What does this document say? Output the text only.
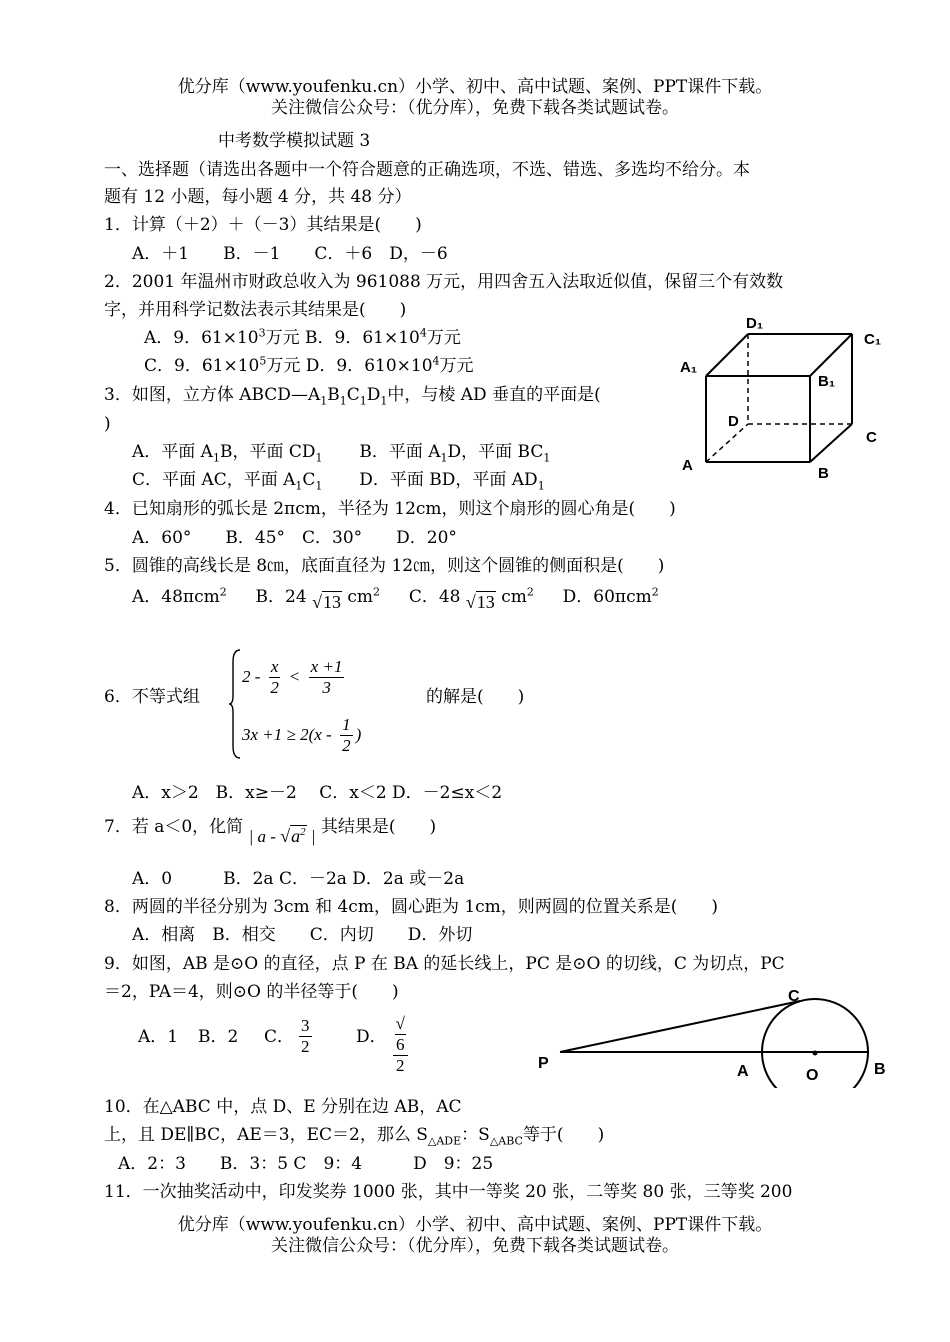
优分库（www.youfenku.cn）小学、初中、高中试题、案例、PPT课件下载。
关注微信公众号：（优分库），免费下载各类试题试卷。
中考数学模拟试题 3
一、选择题（请选出各题中一个符合题意的正确选项，不选、错选、多选均不给分。本
题有 12 小题，每小题 4 分，共 48 分）
1．计算（＋2）＋（－3）其结果是(　　)
A．＋1　　B．－1　　C．＋6　D，－6
2．2001 年温州市财政总收入为 961088 万元，用四舍五入法取近似值，保留三个有效数
字，并用科学记数法表示其结果是(　　)
A．9．$61\times 10^3$万元 B．9．$61\times 10^4$万元
C．9．$61\times 10^5$万元 D．9．$610\times 10^4$万元
3．如图，立方体 $ABCD—A_1B_1C_1D_1$中，与棱 AD 垂直的平面是(
)
A．平面 $A_1B$，平面 $CD_1$ B．平面 $A_1D$，平面 $BC_1$
C．平面 AC，平面 $A_1C_1$ D．平面 BD，平面 $AD_1$
D₁
C₁
A₁
B₁
D
C
A	B
4．已知扇形的弧长是 2πcm，半径为 12cm，则这个扇形的圆心角是(　　)
A．60°　　B．45°　C．30°　　D．20°
5．圆锥的高线长是 8㎝，底面直径为 12㎝，则这个圆锥的侧面积是(　　)
A．48πcm$^2$ B．24 √13 $cm^2$ C．48 √13 $cm^2$ D．60πcm$^2$
6．不等式组
$2 - \frac{x}{2} < \frac{x +1}{3}$
$3x +1 \ge 2(x - \frac{1}{2}$ )
的解是(　　)
A．x＞2　B．x≥－2　 C．x＜2 D．－2≤x＜2
7．若 a＜0，化简 | a - $√a^2$ | 其结果是(　　)
A．0　　　B．2a C．－2a D．2a 或－2a
8．两圆的半径分别为 3cm 和 4cm，圆心距为 1cm，则两圆的位置关系是(　　)
A．相离　B．相交　　C．内切　　D．外切
9．如图，AB 是⊙O 的直径，点 P 在 BA 的延长线上，PC 是⊙O 的切线，C 为切点，PC
＝2，PA＝4，则⊙O 的半径等于(　　)
A．1 B．2 C． $\frac{3}{2}$	D． √
6
2
C
P	A	O	B
10．在△ABC 中，点 D、E 分别在边 AB，AC
上，且 DE∥BC，AE＝3，EC＝2，那么 $S_{\triangle ADE}$：$S_{\triangle ABC}$等于(　　)
A．2：3　　B．3：5 C　9：4　　　D　9：25
11．一次抽奖活动中，印发奖券 1000 张，其中一等奖 20 张，二等奖 80 张，三等奖 200
优分库（www.youfenku.cn）小学、初中、高中试题、案例、PPT课件下载。
关注微信公众号：（优分库），免费下载各类试题试卷。
